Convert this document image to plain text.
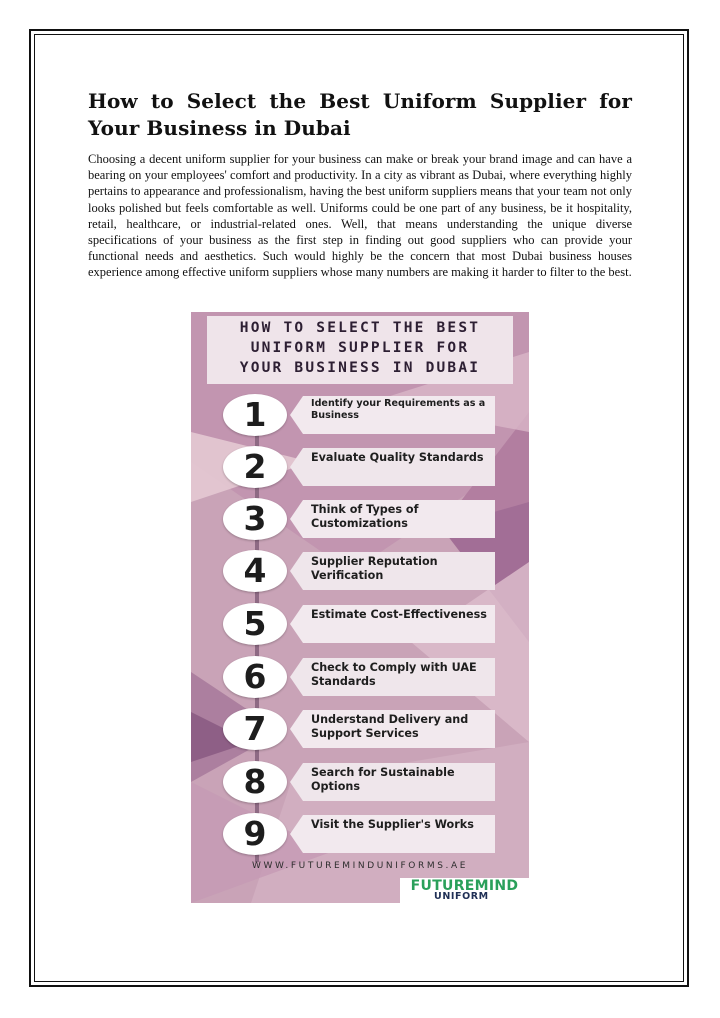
How to Select the Best Uniform Supplier for Your Business in Dubai

Choosing a decent uniform supplier for your business can make or break your brand image and can have a bearing on your employees' comfort and productivity. In a city as vibrant as Dubai, where everything highly pertains to appearance and professionalism, having the best uniform suppliers means that your team not only looks polished but feels comfortable as well. Uniforms could be one part of any business, be it hospitality, retail, healthcare, or industrial-related ones. Well, that means understanding the unique diverse specifications of your business as the first step in finding out good suppliers who can provide your functional needs and aesthetics. Such would highly be the concern that most Dubai business houses experience among effective uniform suppliers whose many numbers are making it harder to filter to the best.

HOW TO SELECT THE BEST
UNIFORM SUPPLIER FOR
YOUR BUSINESS IN DUBAI
1	Identify your Requirements as a Business
2	Evaluate Quality Standards
3	Think of Types of Customizations
4	Supplier Reputation Verification
5	Estimate Cost-Effectiveness
6	Check to Comply with UAE Standards
7	Understand Delivery and Support Services
8	Search for Sustainable Options
9	Visit the Supplier's Works
WWW.FUTUREMINDUNIFORMS.AE
FUTUREMIND
UNIFORM
